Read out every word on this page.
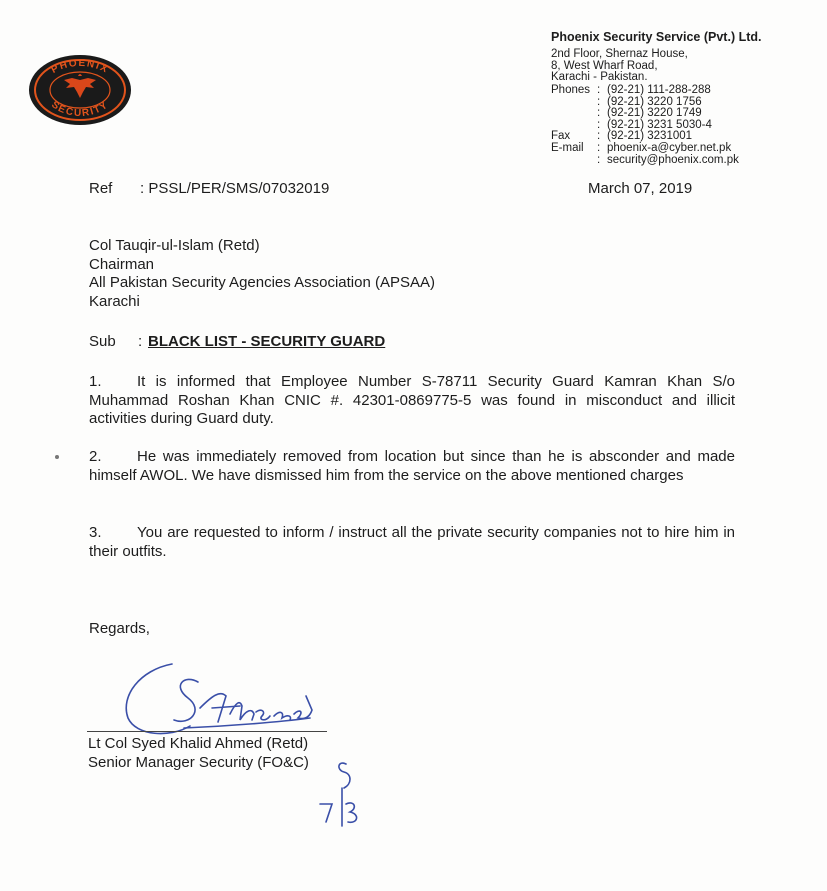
PHOENIX
SECURITY
Phoenix Security Service (Pvt.) Ltd.
2nd Floor, Shernaz House,
8, West Wharf Road,
Karachi - Pakistan.
Phones : (92-21) 111-288-288
: (92-21) 3220 1756
: (92-21) 3220 1749
: (92-21) 3231 5030-4
Fax	: (92-21) 3231001
E-mail	: phoenix-a@cyber.net.pk
: security@phoenix.com.pk
Ref : PSSL/PER/SMS/07032019	March 07, 2019
Col Tauqir-ul-Islam (Retd)
Chairman
All Pakistan Security Agencies Association (APSAA)
Karachi
Sub : BLACK LIST - SECURITY GUARD
1. It is informed that Employee Number S-78711 Security Guard Kamran Khan S/o Muhammad Roshan Khan CNIC #. 42301-0869775-5 was found in misconduct and illicit activities during Guard duty.
2. He was immediately removed from location but since than he is absconder and made himself AWOL. We have dismissed him from the service on the above mentioned charges
3. You are requested to inform / instruct all the private security companies not to hire him in their outfits.
Regards,
Lt Col Syed Khalid Ahmed (Retd)
Senior Manager Security (FO&C)
